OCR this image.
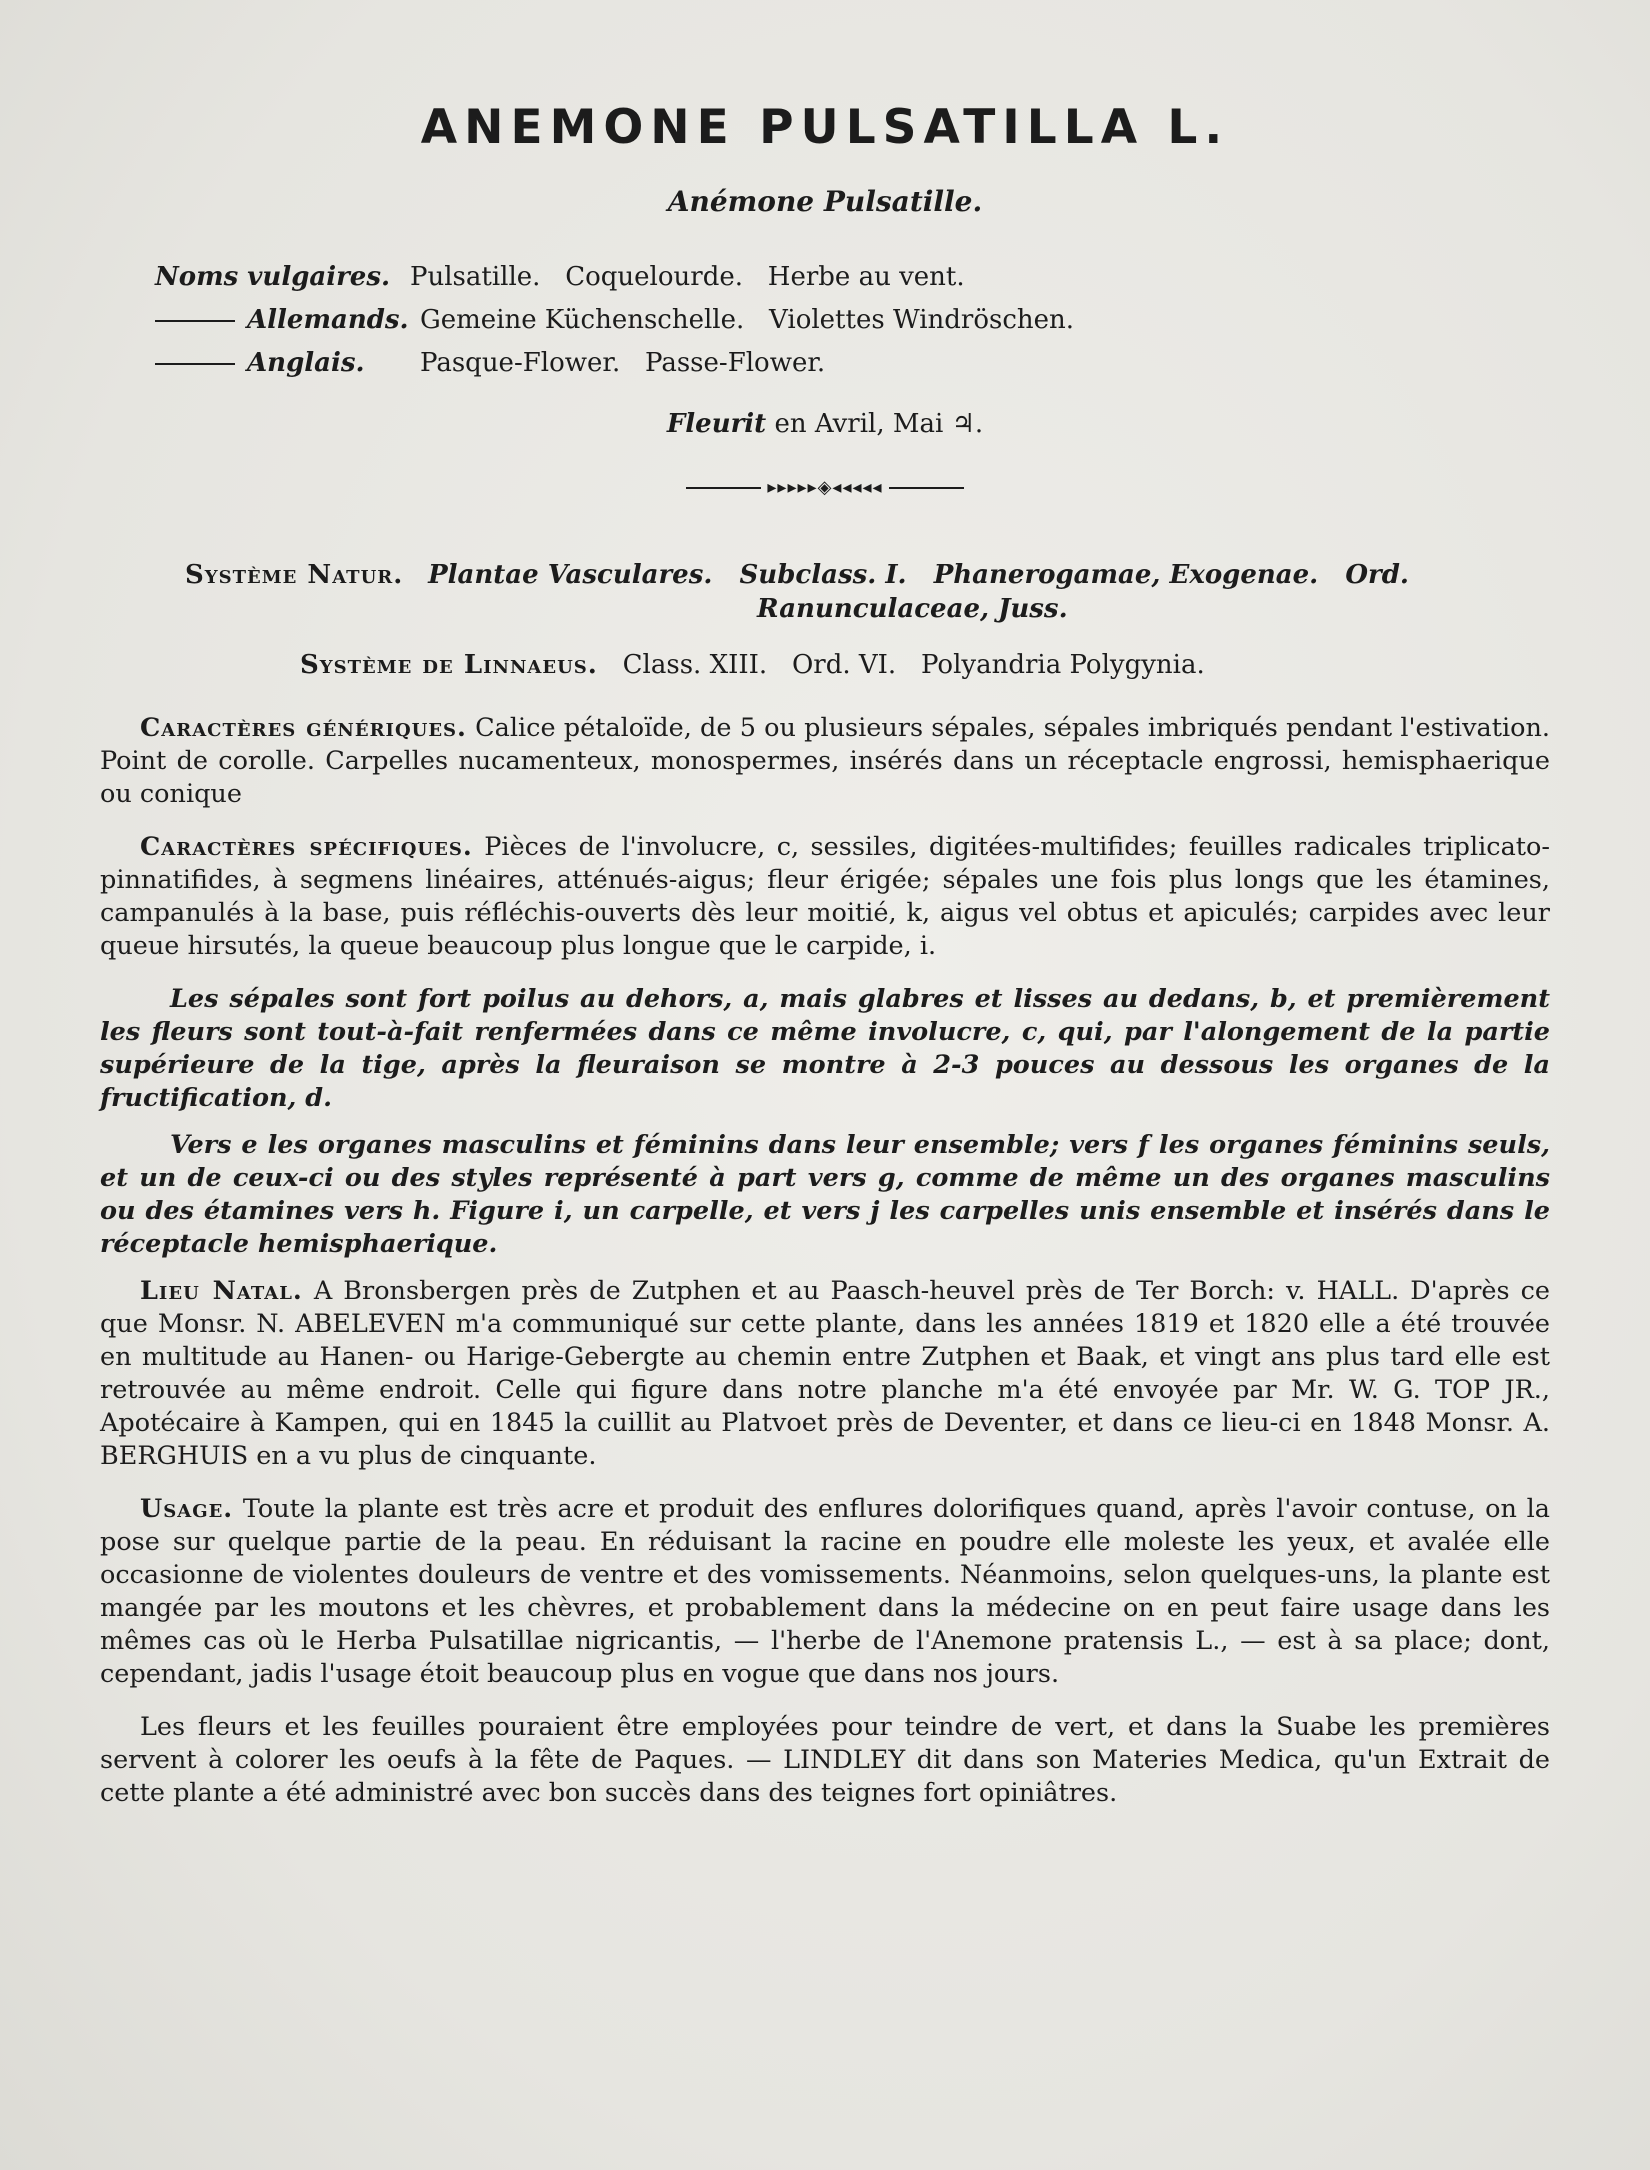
ANEMONE PULSATILLA L.
Anémone Pulsatille.
Noms vulgaires. Pulsatille.   Coquelourde.   Herbe au vent.
Allemands. Gemeine Küchenschelle.   Violettes Windröschen.
Anglais.	Pasque-Flower.   Passe-Flower.
Fleurit en Avril, Mai ♃.
▸▸▸▸▸◈◂◂◂◂◂
Système Natur. Plantae Vasculares.   Subclass. I.   Phanerogamae, Exogenae.   Ord.
Ranunculaceae, Juss.
Système de Linnaeus. Class. XIII.   Ord. VI.   Polyandria Polygynia.

Caractères génériques. Calice pétaloïde, de 5 ou plusieurs sépales, sépales imbriqués pendant l'estivation. Point de corolle. Carpelles nucamenteux, monospermes, insérés dans un réceptacle engrossi, hemisphaerique ou conique

Caractères spécifiques. Pièces de l'involucre, c, sessiles, digitées-multifides; feuilles radicales triplicato-pinnatifides, à segmens linéaires, atténués-aigus; fleur érigée; sépales une fois plus longs que les étamines, campanulés à la base, puis réfléchis-ouverts dès leur moitié, k, aigus vel obtus et apiculés; carpides avec leur queue hirsutés, la queue beaucoup plus longue que le carpide, i.

Les sépales sont fort poilus au dehors, a, mais glabres et lisses au dedans, b, et premièrement les fleurs sont tout-à-fait renfermées dans ce même involucre, c, qui, par l'alongement de la partie supérieure de la tige, après la fleuraison se montre à 2-3 pouces au dessous les organes de la fructification, d.

Vers e les organes masculins et féminins dans leur ensemble; vers f les organes féminins seuls, et un de ceux-ci ou des styles représenté à part vers g, comme de même un des organes masculins ou des étamines vers h. Figure i, un carpelle, et vers j les carpelles unis ensemble et insérés dans le réceptacle hemisphaerique.

Lieu Natal. A Bronsbergen près de Zutphen et au Paasch-heuvel près de Ter Borch: v. HALL. D'après ce que Monsr. N. ABELEVEN m'a communiqué sur cette plante, dans les années 1819 et 1820 elle a été trouvée en multitude au Hanen- ou Harige-Gebergte au chemin entre Zutphen et Baak, et vingt ans plus tard elle est retrouvée au même endroit. Celle qui figure dans notre planche m'a été envoyée par Mr. W. G. TOP JR., Apotécaire à Kampen, qui en 1845 la cuillit au Platvoet près de Deventer, et dans ce lieu-ci en 1848 Monsr. A. BERGHUIS en a vu plus de cinquante.

Usage. Toute la plante est très acre et produit des enflures dolorifiques quand, après l'avoir contuse, on la pose sur quelque partie de la peau. En réduisant la racine en poudre elle moleste les yeux, et avalée elle occasionne de violentes douleurs de ventre et des vomissements. Néanmoins, selon quelques-uns, la plante est mangée par les moutons et les chèvres, et probablement dans la médecine on en peut faire usage dans les mêmes cas où le Herba Pulsatillae nigricantis, — l'herbe de l'Anemone pratensis L., — est à sa place; dont, cependant, jadis l'usage étoit beaucoup plus en vogue que dans nos jours.

Les fleurs et les feuilles pouraient être employées pour teindre de vert, et dans la Suabe les premières servent à colorer les oeufs à la fête de Paques. — LINDLEY dit dans son Materies Medica, qu'un Extrait de cette plante a été administré avec bon succès dans des teignes fort opiniâtres.
